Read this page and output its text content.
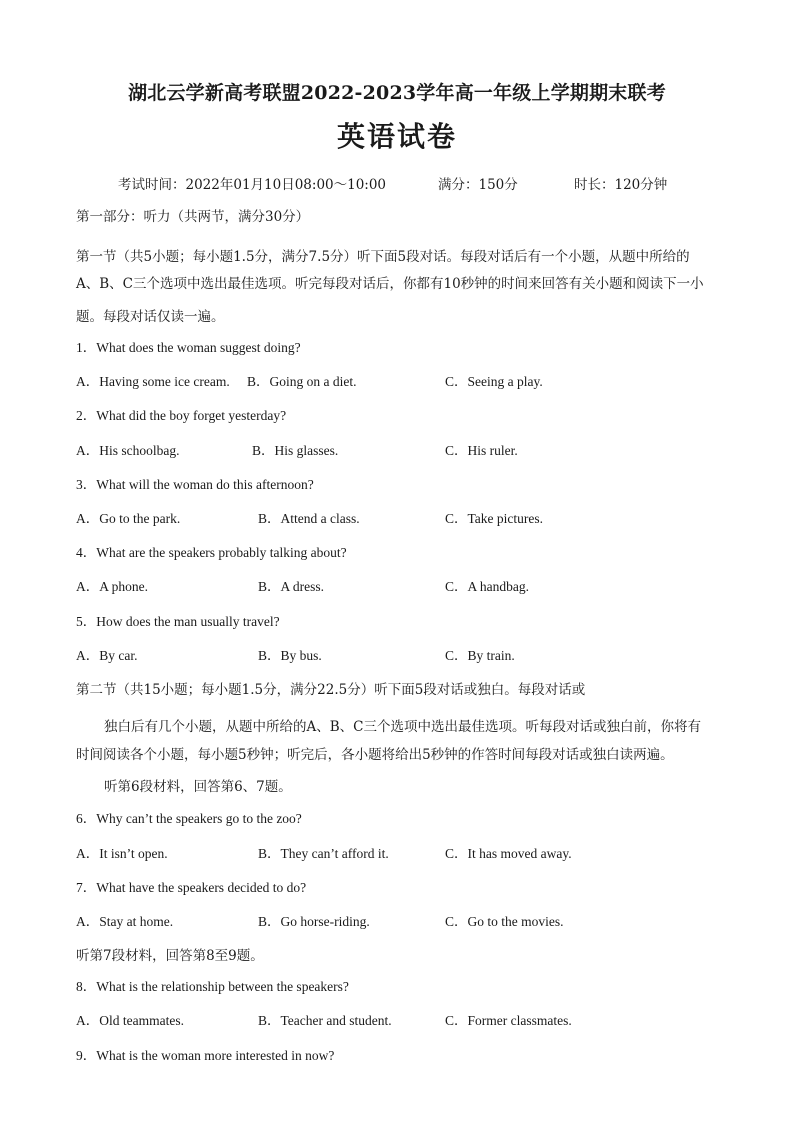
湖北云学新高考联盟2022-2023学年高一年级上学期期末联考
英语试卷
考试时间：2022年01月10日08:00～10:00	满分：150分	时长：120分钟
第一部分：听力（共两节，满分30分）
第一节（共5小题；每小题1.5分，满分7.5分）听下面5段对话。每段对话后有一个小题，从题中所给的
A、B、C三个选项中选出最佳选项。听完每段对话后，你都有10秒钟的时间来回答有关小题和阅读下一小
题。每段对话仅读一遍。
1．What does the woman suggest doing?
A．Having some ice cream. B．Going on a diet.	C．Seeing a play.
2．What did the boy forget yesterday?
A．His schoolbag.	B．His glasses.	C．His ruler.
3．What will the woman do this afternoon?
A．Go to the park.	B．Attend a class.	C．Take pictures.
4．What are the speakers probably talking about?
A．A phone.	B．A dress.	C．A handbag.
5．How does the man usually travel?
A．By car.	B．By bus.	C．By train.
第二节（共15小题；每小题1.5分，满分22.5分）听下面5段对话或独白。每段对话或
独白后有几个小题，从题中所给的A、B、C三个选项中选出最佳选项。听每段对话或独白前，你将有
时间阅读各个小题，每小题5秒钟；听完后，各小题将给出5秒钟的作答时间每段对话或独白读两遍。
听第6段材料，回答第6、7题。
6．Why can’t the speakers go to the zoo?
A．It isn’t open.	B．They can’t afford it.	C．It has moved away.
7．What have the speakers decided to do?
A．Stay at home.	B．Go horse-riding.	C．Go to the movies.
听第7段材料，回答第8至9题。
8．What is the relationship between the speakers?
A．Old teammates.	B．Teacher and student.	C．Former classmates.
9．What is the woman more interested in now?
